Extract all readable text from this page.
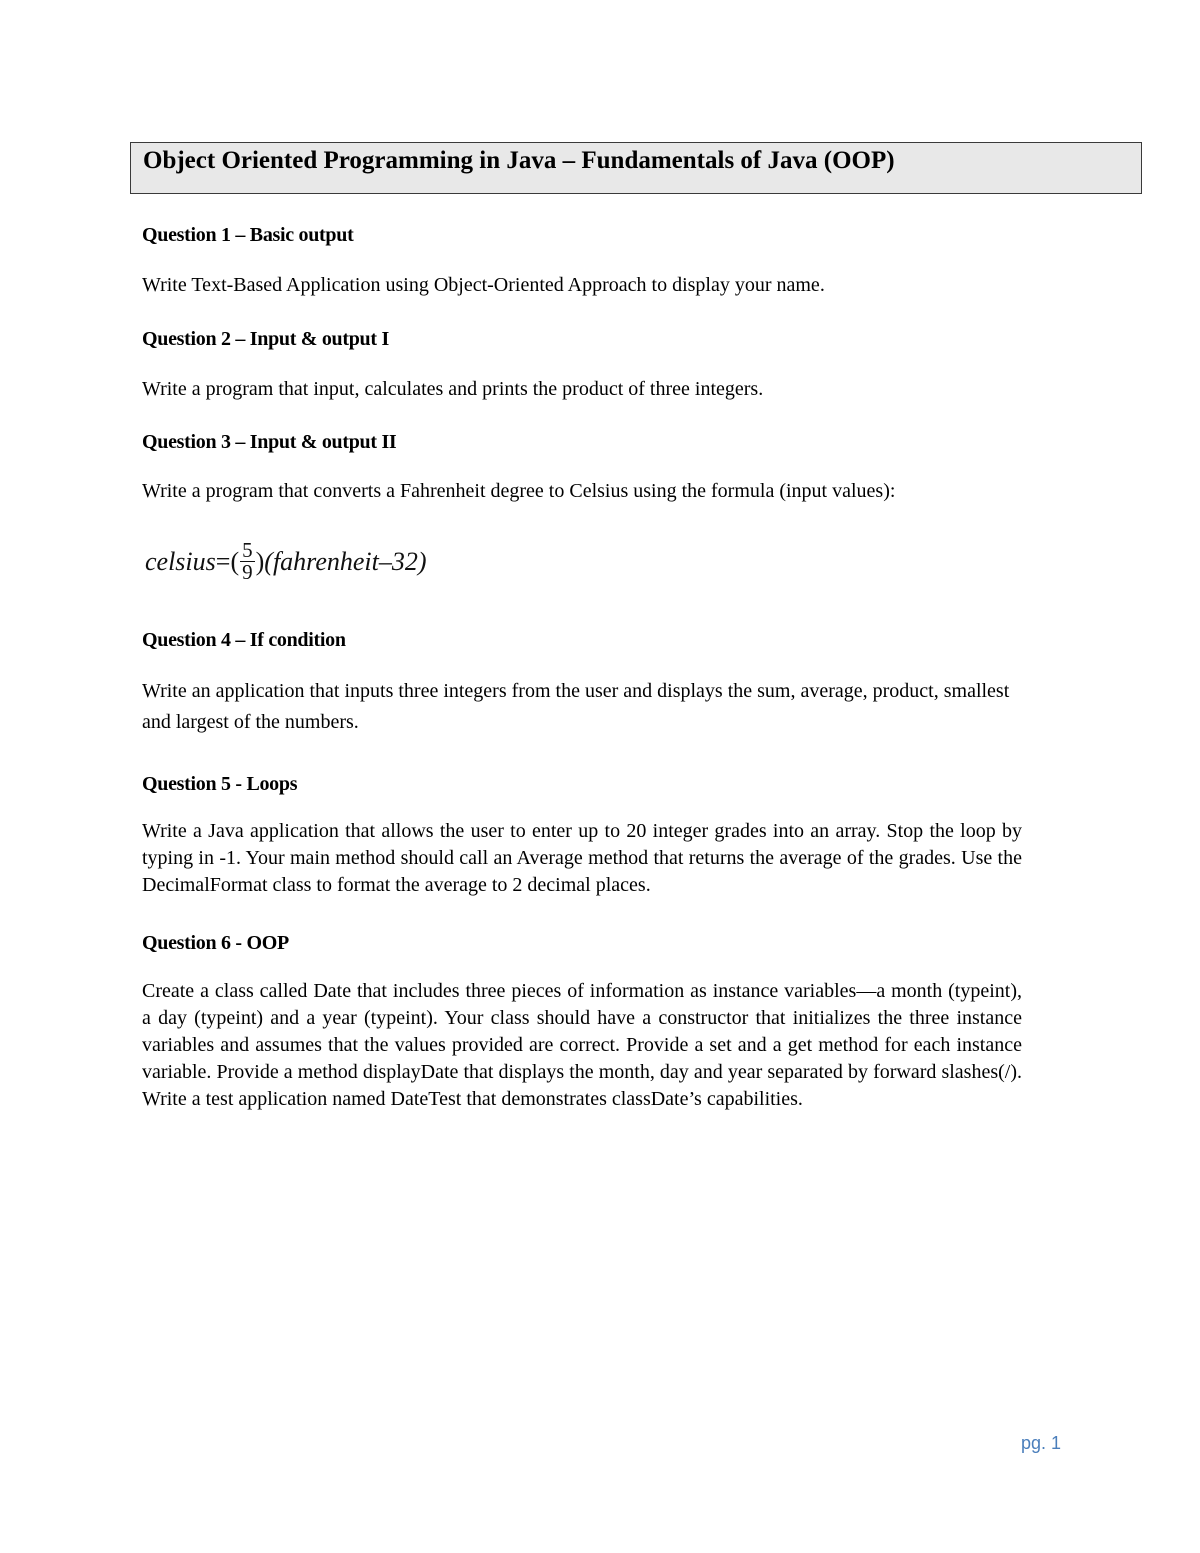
Object Oriented Programming in Java – Fundamentals of Java (OOP)
Question 1 – Basic output
Write Text-Based Application using Object-Oriented Approach to display your name.
Question 2 – Input & output I
Write a program that input, calculates and prints the product of three integers.
Question 3 – Input & output II
Write a program that converts a Fahrenheit degree to Celsius using the formula (input values):
celsius = ( $\frac{5}{9}$ ) (fahrenheit–32)
Question 4 – If condition
Write an application that inputs three integers from the user and displays the sum, average, product, smallest and largest of the numbers.
Question 5 - Loops
Write a Java application that allows the user to enter up to 20 integer grades into an array. Stop the loop by typing in -1. Your main method should call an Average method that returns the average of the grades. Use the DecimalFormat class to format the average to 2 decimal places.
Question 6 - OOP
Create a class called Date that includes three pieces of information as instance variables—a month (typeint), a day (typeint) and a year (typeint). Your class should have a constructor that initializes the three instance variables and assumes that the values provided are correct. Provide a set and a get method for each instance variable. Provide a method displayDate that displays the month, day and year separated by forward slashes(/). Write a test application named DateTest that demonstrates classDate’s capabilities.
pg. 1
